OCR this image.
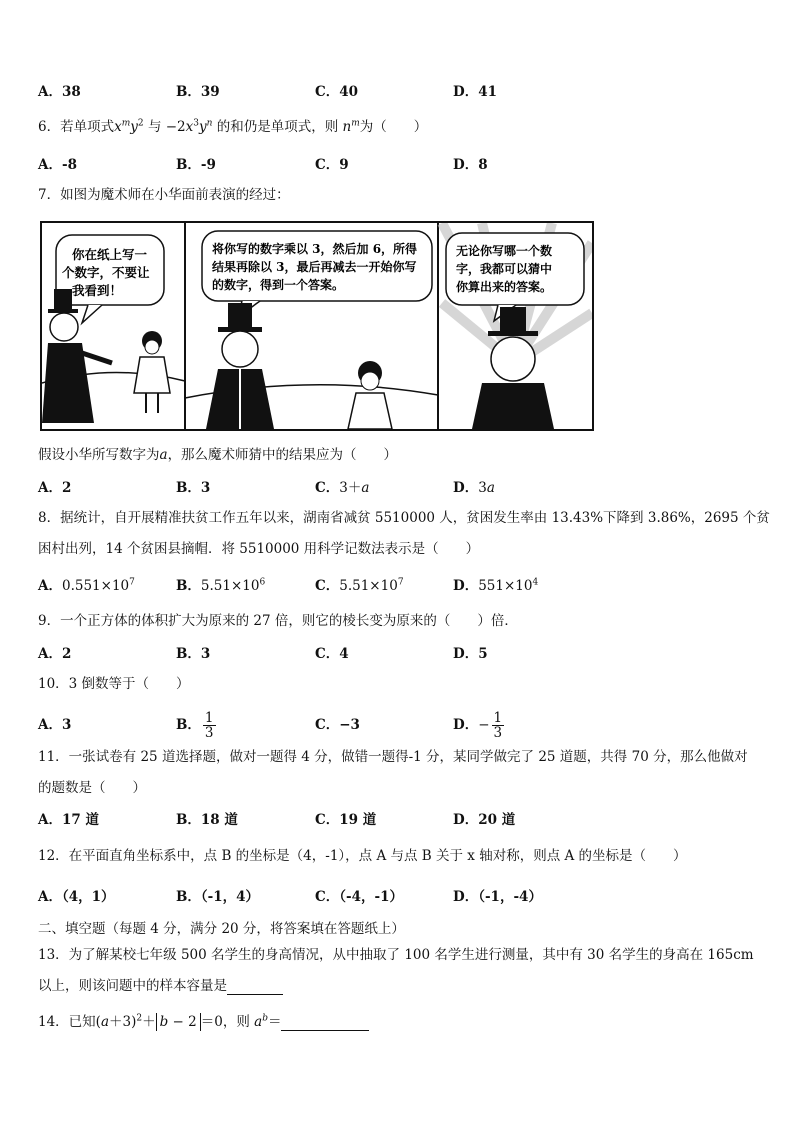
A．38	B．39	C．40	D．41
6．若单项式$x^my^2$ 与 $-2x^3y^n$ 的和仍是单项式，则 $n^m$为（　　）
A．-8	B．-9	C．9	D．8
7．如图为魔术师在小华面前表演的经过：
你在纸上写一
个数字，不要让
我看到！
将你写的数字乘以 3，然后加 6，所得
结果再除以 3，最后再减去一开始你写
的数字，得到一个答案。
无论你写哪一个数
字，我都可以猜中
你算出来的答案。
假设小华所写数字为a，那么魔术师猜中的结果应为（　　）
A．2	B．3	C．3＋a	D．3a
8．据统计，自开展精准扶贫工作五年以来，湖南省减贫 5510000 人，贫困发生率由 13.43%下降到 3.86%，2695 个贫
困村出列，14 个贫困县摘帽．将 5510000 用科学记数法表示是（　　）
A．$0.551\times 10^7$	B．$5.51\times 10^6$	C．$5.51\times 10^7$	D．$551\times 10^4$
9．一个正方体的体积扩大为原来的 27 倍，则它的棱长变为原来的（　　）倍．
A．2	B．3	C．4	D．5
10．3 倒数等于（　　）
A．3	B． $\frac{1}{3}$	C．−3	D．− $\frac{1}{3}$
11．一张试卷有 25 道选择题，做对一题得 4 分，做错一题得-1 分，某同学做完了 25 道题，共得 70 分，那么他做对
的题数是（　　）
A．17 道	B．18 道	C．19 道	D．20 道
12．在平面直角坐标系中，点 B 的坐标是（4，-1），点 A 与点 B 关于 x 轴对称，则点 A 的坐标是（　　）
A．（4，1）	B．（-1，4）	C．（-4，-1）	D．（-1，-4）
二、填空题（每题 4 分，满分 20 分，将答案填在答题纸上）
13．为了解某校七年级 500 名学生的身高情况，从中抽取了 100 名学生进行测量，其中有 30 名学生的身高在 165cm
以上，则该问题中的样本容量是
14．已知$(a+3)^2+ b - 2 =0$，则 $a^b=$
